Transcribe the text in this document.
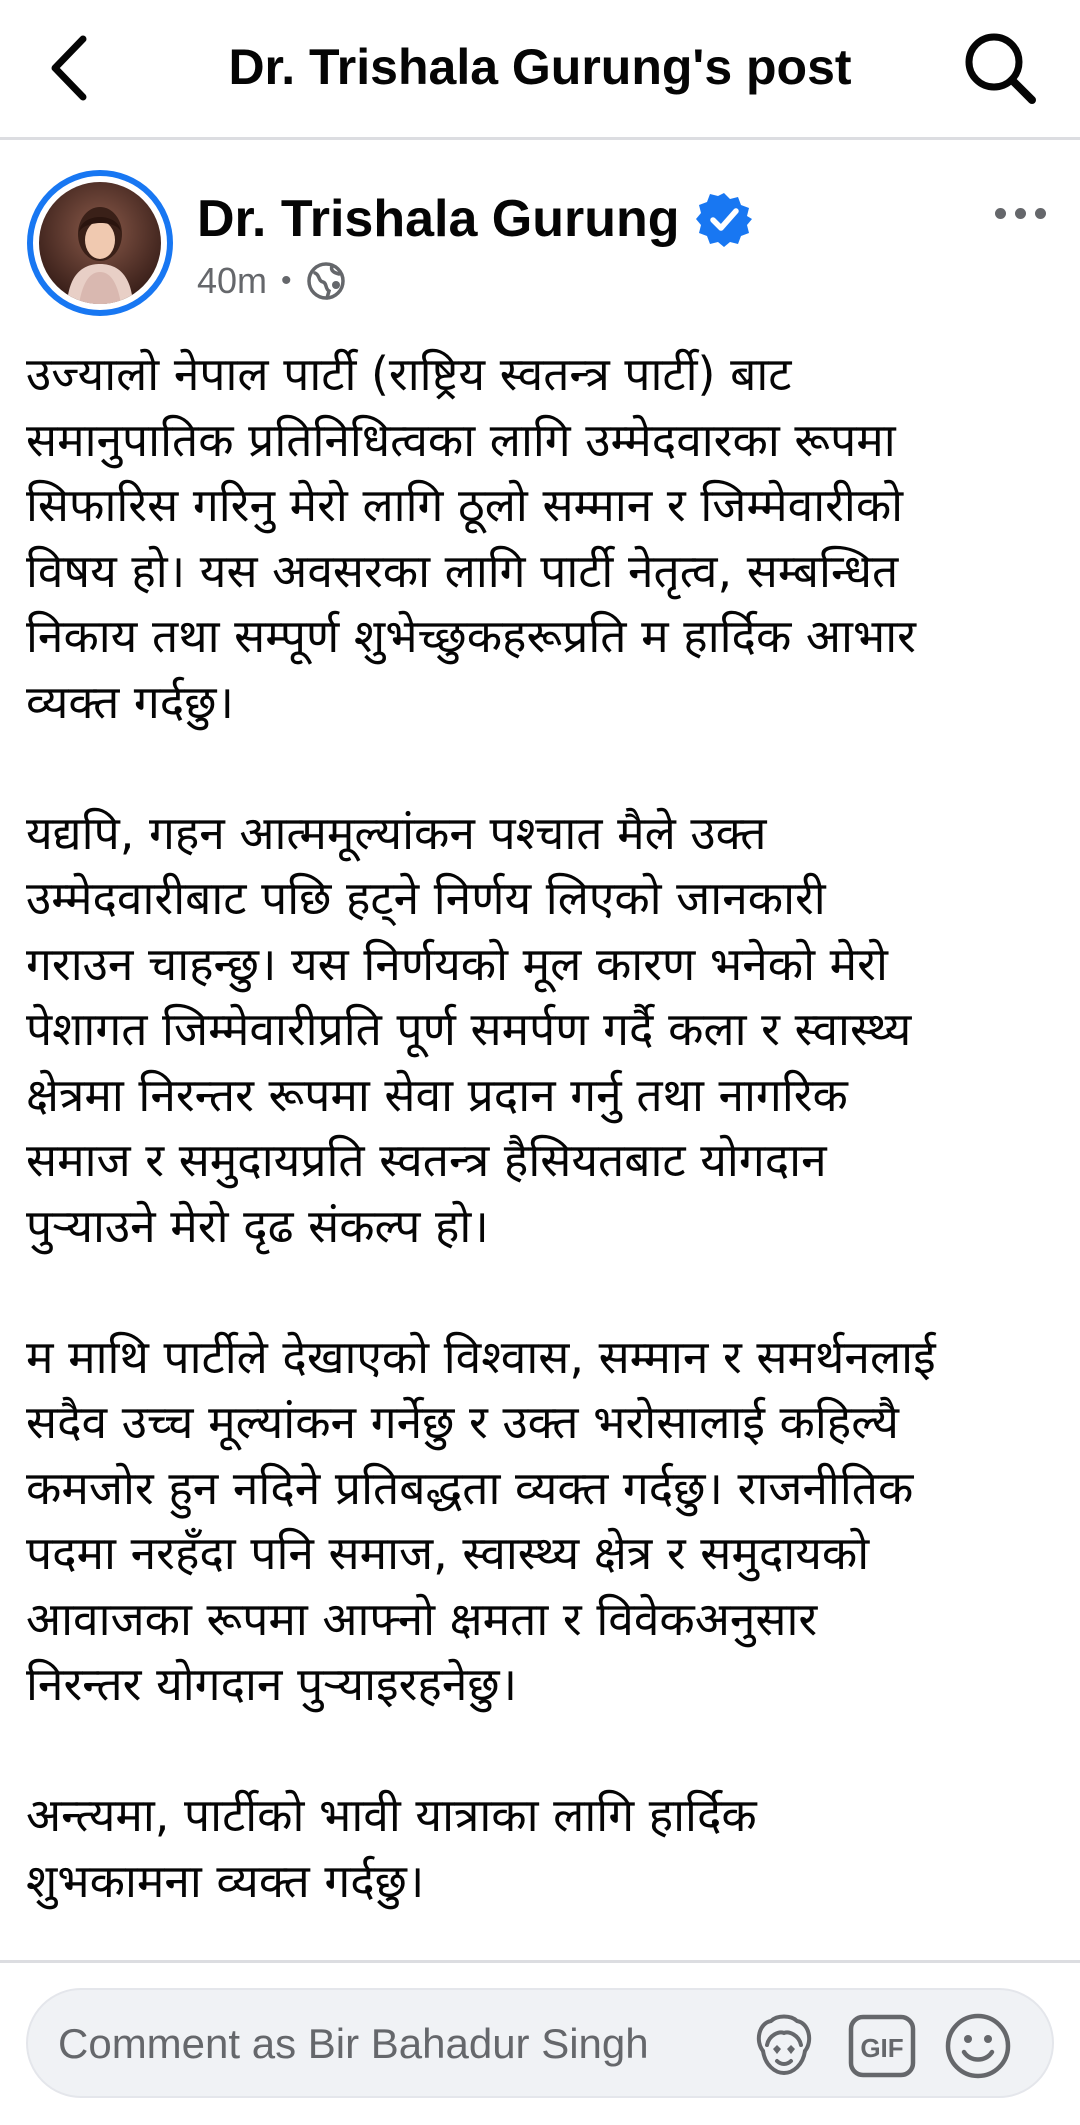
Dr. Trishala Gurung's post
Dr. Trishala Gurung
40m •
उज्यालो नेपाल पार्टी (राष्ट्रिय स्वतन्त्र पार्टी) बाट
समानुपातिक प्रतिनिधित्वका लागि उम्मेदवारका रूपमा
सिफारिस गरिनु मेरो लागि ठूलो सम्मान र जिम्मेवारीको
विषय हो। यस अवसरका लागि पार्टी नेतृत्व, सम्बन्धित
निकाय तथा सम्पूर्ण शुभेच्छुकहरूप्रति म हार्दिक आभार
व्यक्त गर्दछु।
यद्यपि, गहन आत्ममूल्यांकन पश्चात मैले उक्त
उम्मेदवारीबाट पछि हट्ने निर्णय लिएको जानकारी
गराउन चाहन्छु। यस निर्णयको मूल कारण भनेको मेरो
पेशागत जिम्मेवारीप्रति पूर्ण समर्पण गर्दै कला र स्वास्थ्य
क्षेत्रमा निरन्तर रूपमा सेवा प्रदान गर्नु तथा नागरिक
समाज र समुदायप्रति स्वतन्त्र हैसियतबाट योगदान
पुऱ्याउने मेरो दृढ संकल्प हो।
म माथि पार्टीले देखाएको विश्वास, सम्मान र समर्थनलाई
सदैव उच्च मूल्यांकन गर्नेछु र उक्त भरोसालाई कहिल्यै
कमजोर हुन नदिने प्रतिबद्धता व्यक्त गर्दछु। राजनीतिक
पदमा नरहँदा पनि समाज, स्वास्थ्य क्षेत्र र समुदायको
आवाजका रूपमा आफ्नो क्षमता र विवेकअनुसार
निरन्तर योगदान पुऱ्याइरहनेछु।
अन्त्यमा, पार्टीको भावी यात्राका लागि हार्दिक
शुभकामना व्यक्त गर्दछु।
Comment as Bir Bahadur Singh
GIF
